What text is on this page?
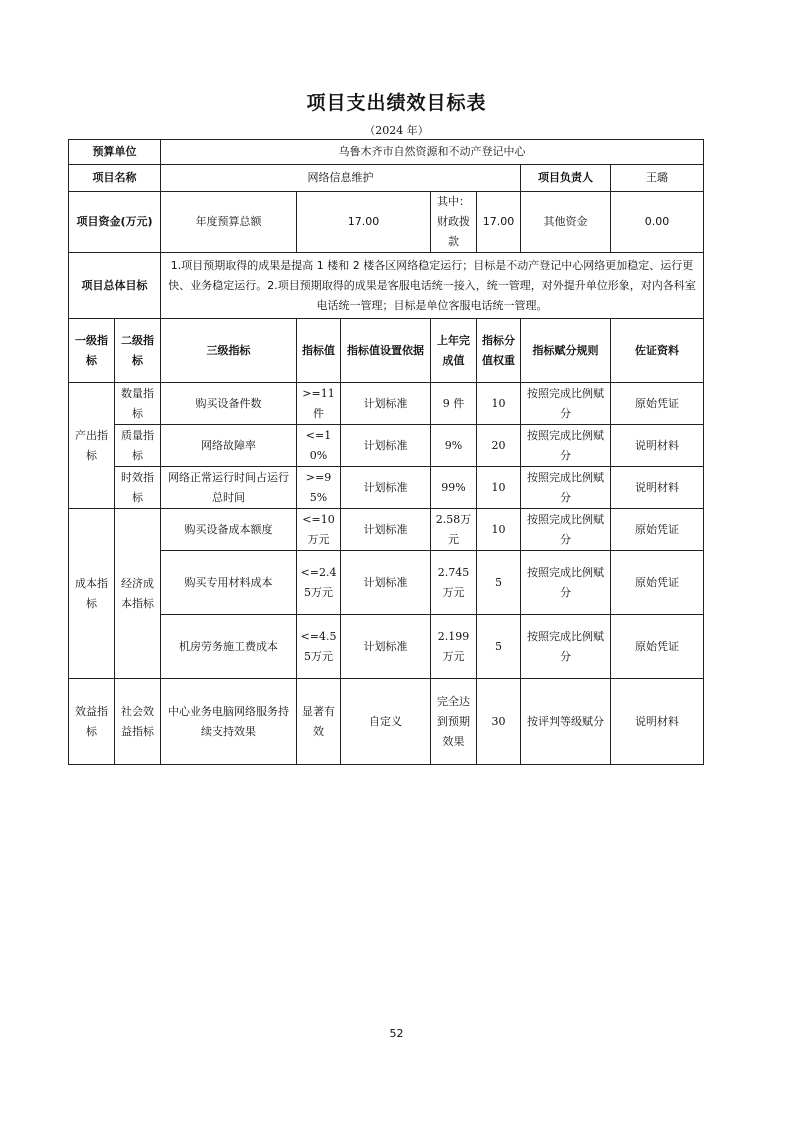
项目支出绩效目标表
（2024 年）
预算单位		乌鲁木齐市自然资源和不动产登记中心						
项目名称		网络信息维护					项目负责人	王璐
项目资金(万元)		年度预算总额	17.00		其中：财政拨款	17.00	其他资金	0.00
项目总体目标		1.项目预期取得的成果是提高 1 楼和 2 楼各区网络稳定运行；目标是不动产登记中心网络更加稳定、运行更快、业务稳定运行。2.项目预期取得的成果是客服电话统一接入，统一管理，对外提升单位形象，对内各科室电话统一管理；目标是单位客服电话统一管理。						
一级指标	二级指标	三级指标	指标值	指标值设置依据	上年完成值	指标分值权重	指标赋分规则	佐证资料
产出指标	数量指标	购买设备件数	>=11件	计划标准	9 件	10	按照完成比例赋分	原始凭证
	质量指标	网络故障率	<=10%	计划标准	9%	20	按照完成比例赋分	说明材料
	时效指标	网络正常运行时间占运行总时间	>=95%	计划标准	99%	10	按照完成比例赋分	说明材料
成本指标	经济成本指标	购买设备成本额度	<=10万元	计划标准	2.58万元	10	按照完成比例赋分	原始凭证
		购买专用材料成本	<=2.45万元	计划标准	2.745万元	5	按照完成比例赋分	原始凭证
		机房劳务施工费成本	<=4.55万元	计划标准	2.199万元	5	按照完成比例赋分	原始凭证
效益指标	社会效益指标	中心业务电脑网络服务持续支持效果	显著有效	自定义	完全达到预期效果	30	按评判等级赋分	说明材料
52
